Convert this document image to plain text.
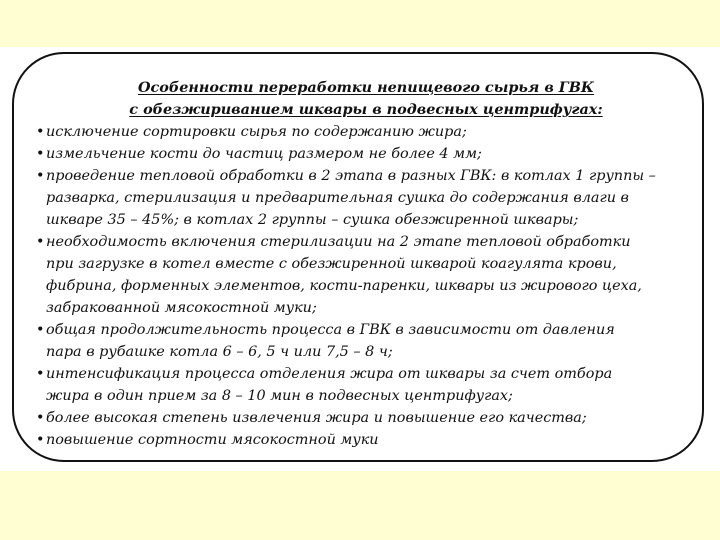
Особенности переработки непищевого сырья в ГВК
с обезжириванием шквары в подвесных центрифугах:
• исключение сортировки сырья по содержанию жира;
• измельчение кости до частиц размером не более 4 мм;
• проведение тепловой обработки в 2 этапа в разных ГВК: в котлах 1 группы –
разварка, стерилизация и предварительная сушка до содержания влаги в
шкваре 35 – 45%; в котлах 2 группы – сушка обезжиренной шквары;
• необходимость включения стерилизации на 2 этапе тепловой обработки
при загрузке в котел вместе с обезжиренной шкварой коагулята крови,
фибрина, форменных элементов, кости-паренки, шквары из жирового цеха,
забракованной мясокостной муки;
• общая продолжительность процесса в ГВК в зависимости от давления
пара в рубашке котла 6 – 6, 5 ч или 7,5 – 8 ч;
• интенсификация процесса отделения жира от шквары за счет отбора
жира в один прием за 8 – 10 мин в подвесных центрифугах;
• более высокая степень извлечения жира и повышение его качества;
• повышение сортности мясокостной муки
